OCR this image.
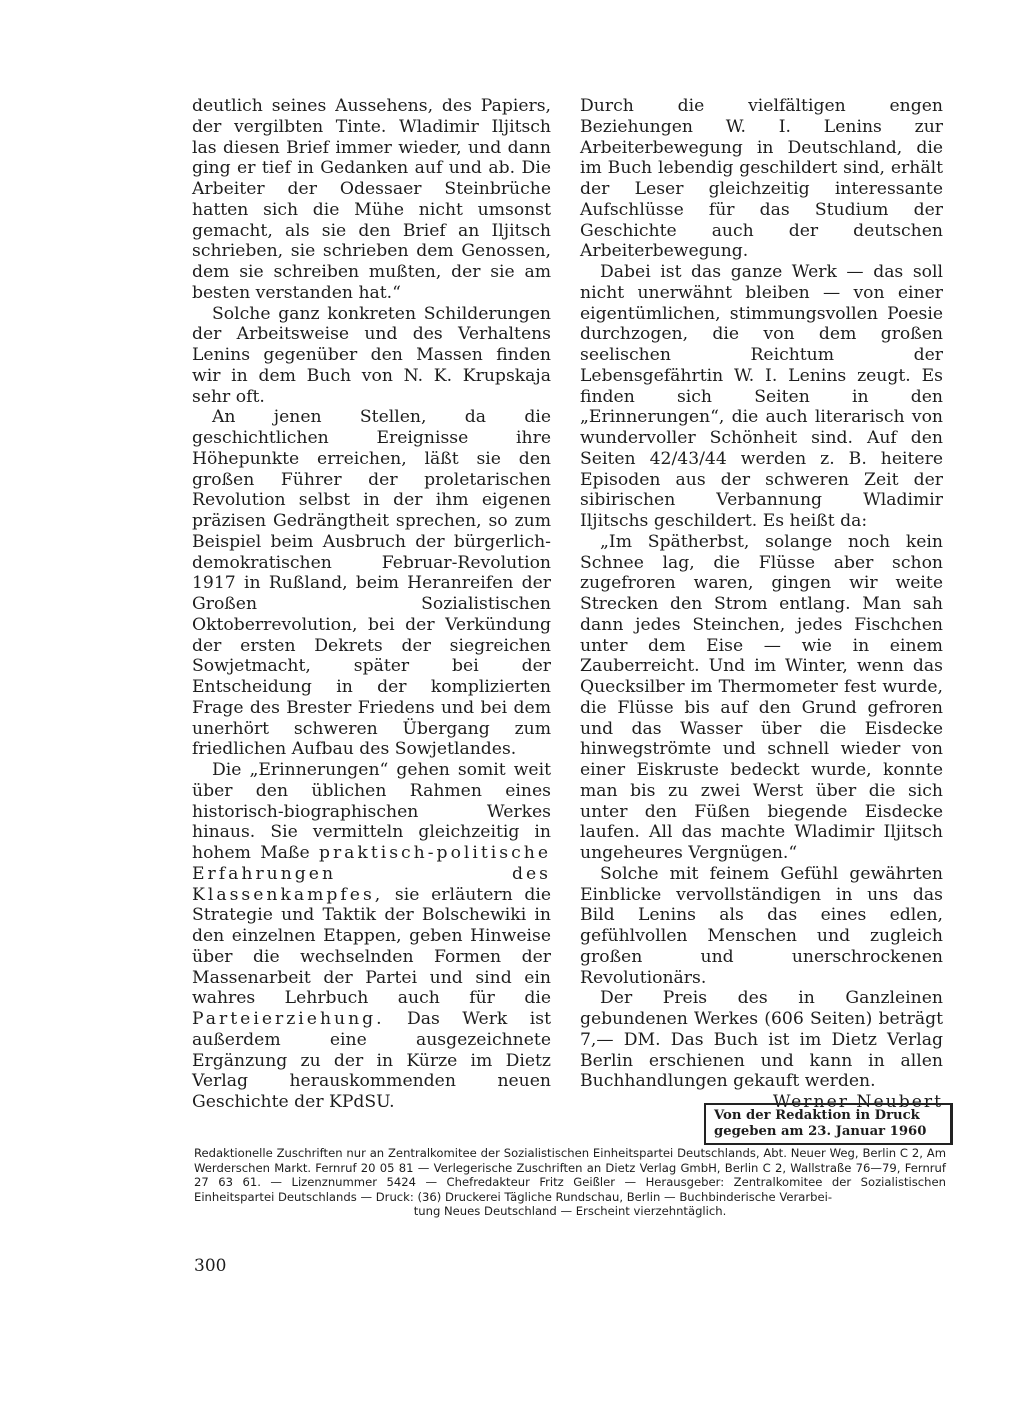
deutlich seines Aussehens, des Papiers, der vergilbten Tinte. Wladimir Iljitsch las diesen Brief immer wieder, und dann ging er tief in Gedanken auf und ab. Die Arbeiter der Odessaer Steinbrüche hatten sich die Mühe nicht umsonst gemacht, als sie den Brief an Iljitsch schrieben, sie schrieben dem Genossen, dem sie schreiben mußten, der sie am besten verstanden hat.“

Solche ganz konkreten Schilderungen der Arbeitsweise und des Verhaltens Lenins gegenüber den Massen finden wir in dem Buch von N. K. Krupskaja sehr oft.

An jenen Stellen, da die geschichtlichen Ereignisse ihre Höhepunkte erreichen, läßt sie den großen Führer der proletarischen Revolution selbst in der ihm eigenen präzisen Gedrängtheit sprechen, so zum Beispiel beim Ausbruch der bürgerlich-demokratischen Februar-Revolution 1917 in Rußland, beim Heranreifen der Großen Sozialistischen Oktoberrevolution, bei der Verkündung der ersten Dekrets der siegreichen Sowjetmacht, später bei der Entscheidung in der komplizierten Frage des Brester Friedens und bei dem unerhört schweren Übergang zum friedlichen Aufbau des Sowjetlandes.

Die „Erinnerungen“ gehen somit weit über den üblichen Rahmen eines historisch-biographischen Werkes hinaus. Sie vermitteln gleichzeitig in hohem Maße praktisch-politische Erfahrungen des Klassenkampfes, sie erläutern die Strategie und Taktik der Bolschewiki in den einzelnen Etappen, geben Hinweise über die wechselnden Formen der Massenarbeit der Partei und sind ein wahres Lehrbuch auch für die Parteierziehung. Das Werk ist außerdem eine ausgezeichnete Ergänzung zu der in Kürze im Dietz Verlag herauskommenden neuen Geschichte der KPdSU.

Durch die vielfältigen engen Beziehungen W. I. Lenins zur Arbeiterbewegung in Deutschland, die im Buch lebendig geschildert sind, erhält der Leser gleichzeitig interessante Aufschlüsse für das Studium der Geschichte auch der deutschen Arbeiterbewegung.

Dabei ist das ganze Werk — das soll nicht unerwähnt bleiben — von einer eigentümlichen, stimmungsvollen Poesie durchzogen, die von dem großen seelischen Reichtum der Lebensgefährtin W. I. Lenins zeugt. Es finden sich Seiten in den „Erinnerungen“, die auch literarisch von wundervoller Schönheit sind. Auf den Seiten 42/43/44 werden z. B. heitere Episoden aus der schweren Zeit der sibirischen Verbannung Wladimir Iljitschs geschildert. Es heißt da:

„Im Spätherbst, solange noch kein Schnee lag, die Flüsse aber schon zugefroren waren, gingen wir weite Strecken den Strom entlang. Man sah dann jedes Steinchen, jedes Fischchen unter dem Eise — wie in einem Zauberreicht. Und im Winter, wenn das Quecksilber im Thermometer fest wurde, die Flüsse bis auf den Grund gefroren und das Wasser über die Eisdecke hinwegströmte und schnell wieder von einer Eiskruste bedeckt wurde, konnte man bis zu zwei Werst über die sich unter den Füßen biegende Eisdecke laufen. All das machte Wladimir Iljitsch ungeheures Vergnügen.“

Solche mit feinem Gefühl gewährten Einblicke vervollständigen in uns das Bild Lenins als das eines edlen, gefühlvollen Menschen und zugleich großen und unerschrockenen Revolutionärs.

Der Preis des in Ganzleinen gebundenen Werkes (606 Seiten) beträgt 7,— DM. Das Buch ist im Dietz Verlag Berlin erschienen und kann in allen Buchhandlungen gekauft werden.

Werner Neubert

Von der Redaktion in Druck
gegeben am 23. Januar 1960
Redaktionelle Zuschriften nur an Zentralkomitee der Sozialistischen Einheitspartei Deutschlands, Abt. Neuer Weg, Berlin C 2, Am Werderschen Markt. Fernruf 20 05 81 — Verlegerische Zuschriften an Dietz Verlag GmbH, Berlin C 2, Wallstraße 76—79, Fernruf 27 63 61. — Lizenznummer 5424 — Chefredakteur Fritz Geißler — Herausgeber: Zentralkomitee der Sozialistischen Einheitspartei Deutschlands — Druck: (36) Druckerei Tägliche Rundschau, Berlin — Buchbinderische Verarbei-
tung Neues Deutschland — Erscheint vierzehntäglich.
300
